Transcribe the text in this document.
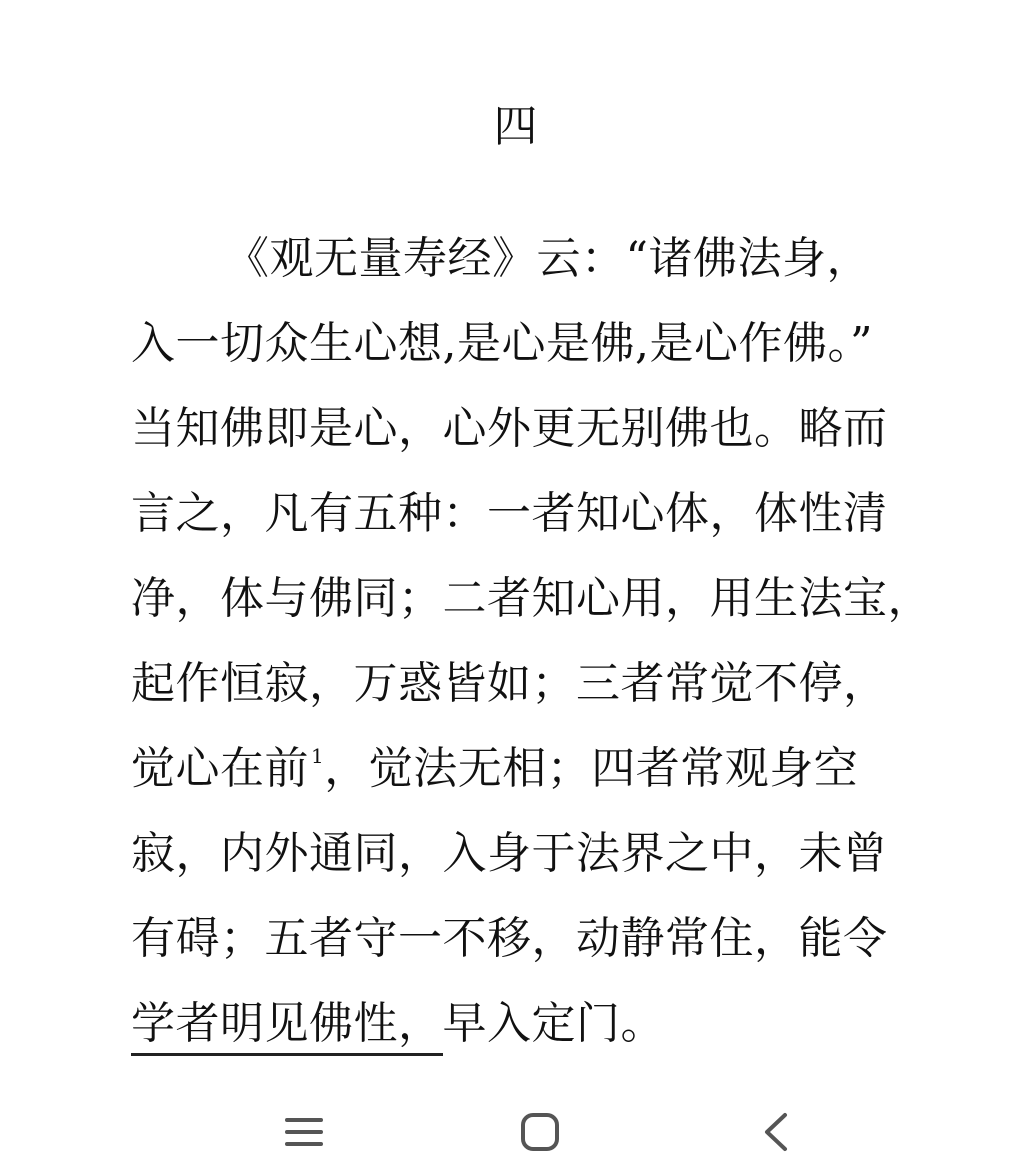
四
《观无量寿经》云：“诸佛法身，
入一切众生心想,是心是佛,是心作佛。”
当知佛即是心，心外更无别佛也。略而
言之，凡有五种：一者知心体，体性清
净，体与佛同；二者知心用，用生法宝，
起作恒寂，万惑皆如；三者常觉不停，
觉心在前 $^1$，觉法无相；四者常观身空
寂，内外通同，入身于法界之中，未曾
有碍；五者守一不移，动静常住，能令
学者明见佛性，早入定门。
